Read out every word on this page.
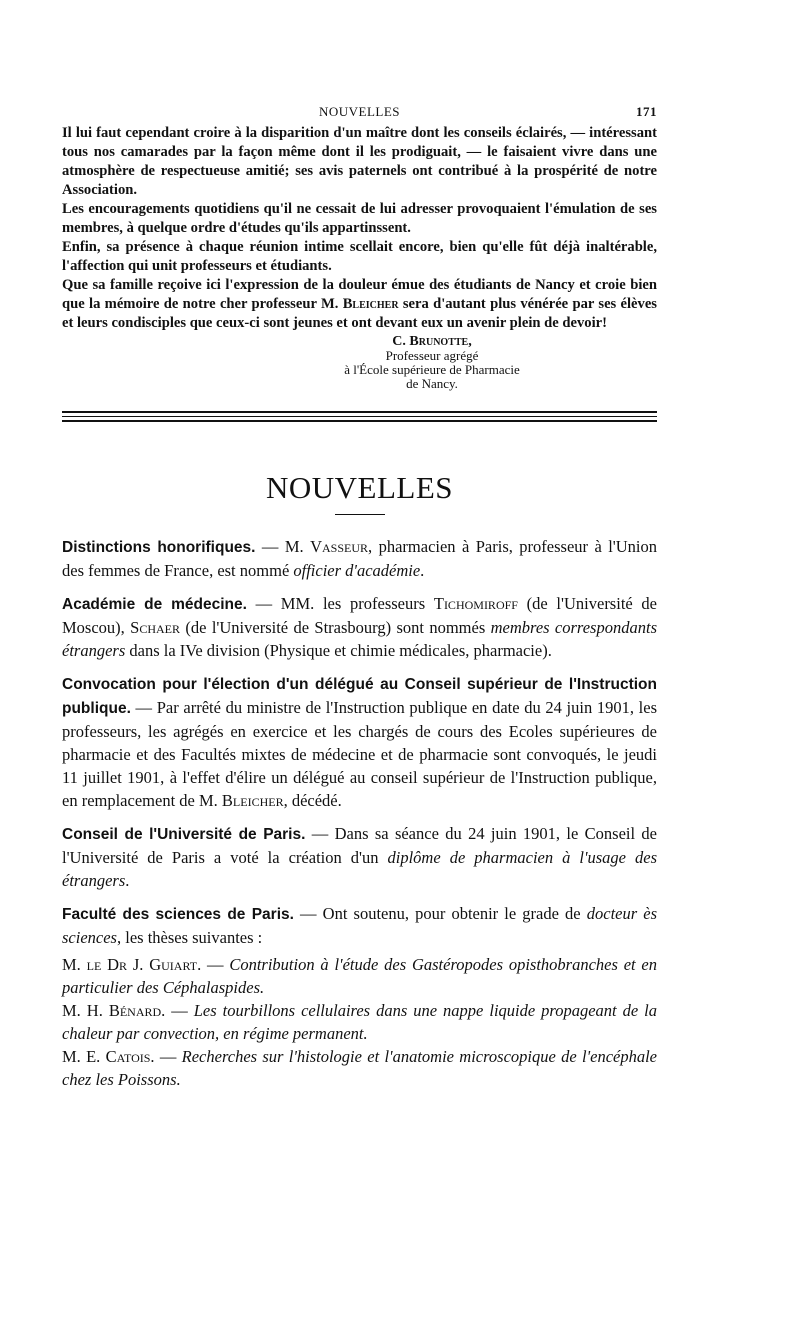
NOUVELLES	171

Il lui faut cependant croire à la disparition d'un maître dont les conseils éclairés, — intéressant tous nos camarades par la façon même dont il les prodiguait, — le faisaient vivre dans une atmosphère de respectueuse amitié; ses avis paternels ont contribué à la prospérité de notre Association.

Les encouragements quotidiens qu'il ne cessait de lui adresser provoquaient l'émulation de ses membres, à quelque ordre d'études qu'ils appartinssent.

Enfin, sa présence à chaque réunion intime scellait encore, bien qu'elle fût déjà inaltérable, l'affection qui unit professeurs et étudiants.

Que sa famille reçoive ici l'expression de la douleur émue des étudiants de Nancy et croie bien que la mémoire de notre cher professeur M. Bleicher sera d'autant plus vénérée par ses élèves et leurs condisciples que ceux-ci sont jeunes et ont devant eux un avenir plein de devoir!

C. Brunotte,
Professeur agrégé
à l'École supérieure de Pharmacie
de Nancy.
NOUVELLES

Distinctions honorifiques. — M. Vasseur, pharmacien à Paris, professeur à l'Union des femmes de France, est nommé officier d'académie.

Académie de médecine. — MM. les professeurs Tichomiroff (de l'Université de Moscou), Schaer (de l'Université de Strasbourg) sont nommés membres correspondants étrangers dans la IVe division (Physique et chimie médicales, pharmacie).

Convocation pour l'élection d'un délégué au Conseil supérieur de l'Instruction publique. — Par arrêté du ministre de l'Instruction publique en date du 24 juin 1901, les professeurs, les agrégés en exercice et les chargés de cours des Ecoles supérieures de pharmacie et des Facultés mixtes de médecine et de pharmacie sont convoqués, le jeudi 11 juillet 1901, à l'effet d'élire un délégué au conseil supérieur de l'Instruction publique, en remplacement de M. Bleicher, décédé.

Conseil de l'Université de Paris. — Dans sa séance du 24 juin 1901, le Conseil de l'Université de Paris a voté la création d'un diplôme de pharmacien à l'usage des étrangers.

Faculté des sciences de Paris. — Ont soutenu, pour obtenir le grade de docteur ès sciences, les thèses suivantes :

M. le Dr J. Guiart. — Contribution à l'étude des Gastéropodes opisthobranches et en particulier des Céphalaspides.

M. H. Bénard. — Les tourbillons cellulaires dans une nappe liquide propageant de la chaleur par convection, en régime permanent.

M. E. Catois. — Recherches sur l'histologie et l'anatomie microscopique de l'encéphale chez les Poissons.
